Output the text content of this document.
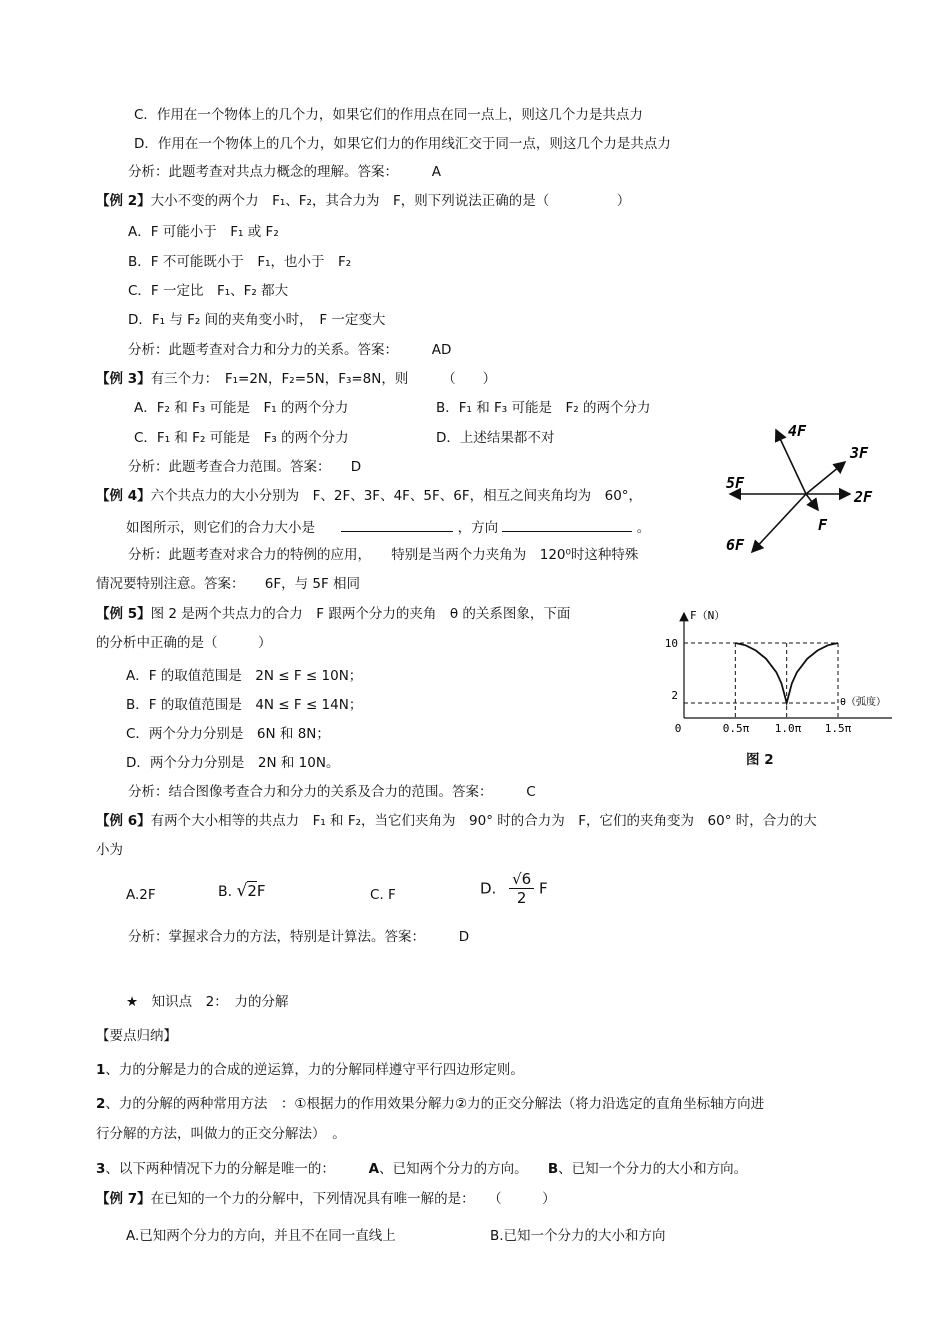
C．作用在一个物体上的几个力，如果它们的作用点在同一点上，则这几个力是共点力
D．作用在一个物体上的几个力，如果它们力的作用线汇交于同一点，则这几个力是共点力
分析：此题考查对共点力概念的理解。答案：　　　A
【例 2】大小不变的两个力　F₁、F₂，其合力为　F，则下列说法正确的是（　　　　　）
A．F 可能小于　F₁ 或 F₂
B．F 不可能既小于　F₁，也小于　F₂
C．F 一定比　F₁、F₂ 都大
D．F₁ 与 F₂ 间的夹角变小时，　F 一定变大
分析：此题考查对合力和分力的关系。答案：　　　AD
【例 3】有三个力：　F₁=2N，F₂=5N，F₃=8N，则　　　（　　）
A．F₂ 和 F₃ 可能是　F₁ 的两个分力	B．F₁ 和 F₃ 可能是　F₂ 的两个分力
C．F₁ 和 F₂ 可能是　F₃ 的两个分力	D．上述结果都不对
分析：此题考查合力范围。答案：　　D
【例 4】六个共点力的大小分别为　F、2F、3F、4F、5F、6F，相互之间夹角均为　60°，
如图所示，则它们的合力大小是	，方向	。
分析：此题考查对求合力的特例的应用，　　特别是当两个力夹角为　120⁰时这种特殊
情况要特别注意。答案：　　6F，与 5F 相同
4F
3F
5F
2F
6F
F
【例 5】图 2 是两个共点力的合力　F 跟两个分力的夹角　θ 的关系图象，下面
的分析中正确的是（　　　）
A．F 的取值范围是　2N ≤ F ≤ 10N；
B．F 的取值范围是　4N ≤ F ≤ 14N；
C．两个分力分别是　6N 和 8N；
D．两个分力分别是　2N 和 10N。
分析：结合图像考查合力和分力的关系及合力的范围。答案：　　　C
F（N）
θ（弧度）
0	0.5π 1.0π 1.5π
2
10
图 2
【例 6】有两个大小相等的共点力　F₁ 和 F₂，当它们夹角为　90° 时的合力为　F，它们的夹角变为　60° 时，合力的大
小为
A.2F	B. √2F	C. F	D. $\frac{√6}{2}$ F
分析：掌握求合力的方法，特别是计算法。答案：　　　D
★　 知识点　2：　力的分解
【要点归纳】
1、力的分解是力的合成的逆运算，力的分解同样遵守平行四边形定则。
2、力的分解的两种常用方法　：①根据力的作用效果分解力②力的正交分解法（将力沿选定的直角坐标轴方向进
行分解的方法，叫做力的正交分解法）　。
3、以下两种情况下力的分解是唯一的：　　　	A、已知两个分力的方向。　　 B、已知一个分力的大小和方向。
【例 7】在已知的一个力的分解中，下列情况具有唯一解的是：　　（　　　）
A.已知两个分力的方向，并且不在同一直线上	B.已知一个分力的大小和方向
